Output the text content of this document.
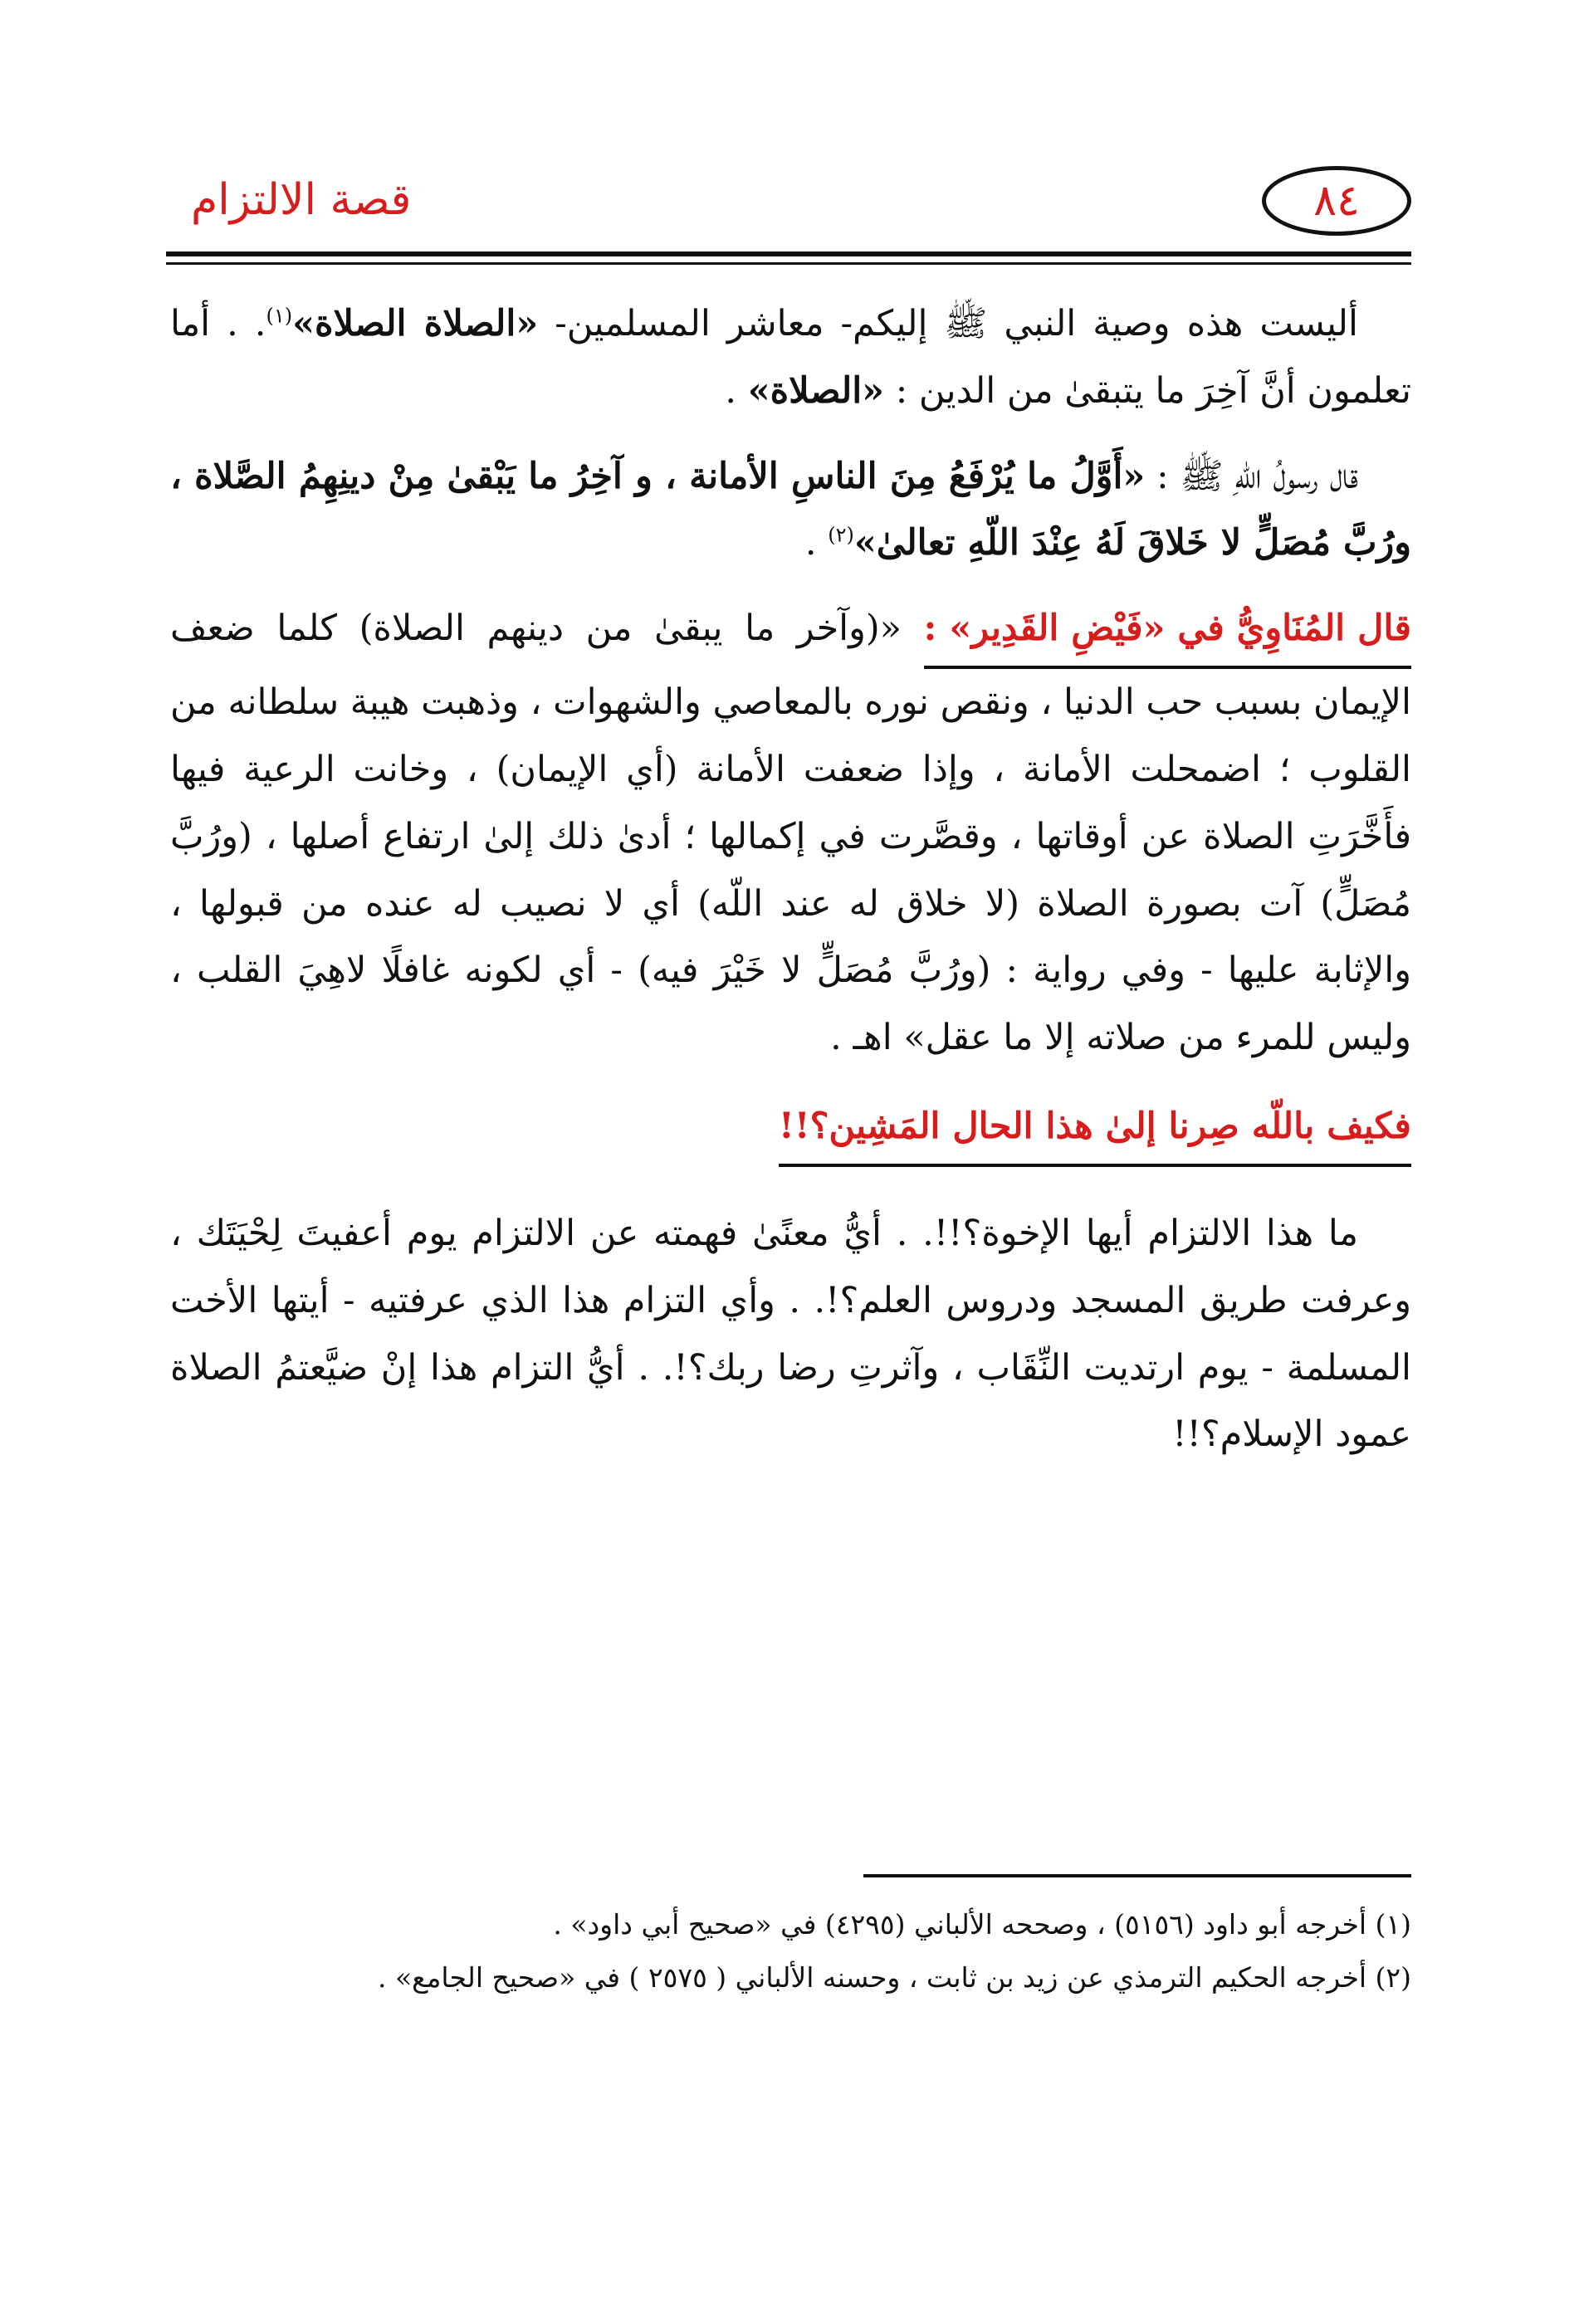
٨٤
قصة الالتزام

أليست هذه وصية النبي ﷺ إليكم- معاشر المسلمين- «الصلاة الصلاة»$^{(١)}$. . أما تعلمون أنَّ آخِرَ ما يتبقىٰ من الدين : «الصلاة» .

قال رسولُ اللّهِ ﷺ : «أَوَّلُ ما يُرْفَعُ مِنَ الناسِ الأمانة ، و آخِرُ ما يَبْقىٰ مِنْ دينِهِمُ الصَّلاة ، ورُبَّ مُصَلٍّ لا خَلاقَ لَهُ عِنْدَ اللّهِ تعالىٰ»$^{(٢)}$ .

قال المُنَاوِيُّ في «فَيْضِ القَدِير» : «(وآخر ما يبقىٰ من دينهم الصلاة) كلما ضعف الإيمان بسبب حب الدنيا ، ونقص نوره بالمعاصي والشهوات ، وذهبت هيبة سلطانه من القلوب ؛ اضمحلت الأمانة ، وإذا ضعفت الأمانة (أي الإيمان) ، وخانت الرعية فيها فأَخَّرَتِ الصلاة عن أوقاتها ، وقصَّرت في إكمالها ؛ أدىٰ ذلك إلىٰ ارتفاع أصلها ، (ورُبَّ مُصَلٍّ) آت بصورة الصلاة (لا خلاق له عند اللّه) أي لا نصيب له عنده من قبولها ، والإثابة عليها - وفي رواية : (ورُبَّ مُصَلٍّ لا خَيْرَ فيه) - أي لكونه غافلًا لاهِيَ القلب ، وليس للمرء من صلاته إلا ما عقل» اهـ .

فكيف باللّه صِرنا إلىٰ هذا الحال المَشِين؟!!

ما هذا الالتزام أيها الإخوة؟!!. . أيُّ معنًىٰ فهمته عن الالتزام يوم أعفيتَ لِحْيَتَك ، وعرفت طريق المسجد ودروس العلم؟!. . وأي التزام هذا الذي عرفتيه - أيتها الأخت المسلمة - يوم ارتديت النِّقَاب ، وآثرتِ رضا ربك؟!. . أيُّ التزام هذا إنْ ضيَّعتمُ الصلاة عمود الإسلام؟!!

(١) أخرجه أبو داود (٥١٥٦) ، وصححه الألباني (٤٢٩٥) في «صحيح أبي داود» .

(٢) أخرجه الحكيم الترمذي عن زيد بن ثابت ، وحسنه الألباني ( ٢٥٧٥ ) في «صحيح الجامع» .
